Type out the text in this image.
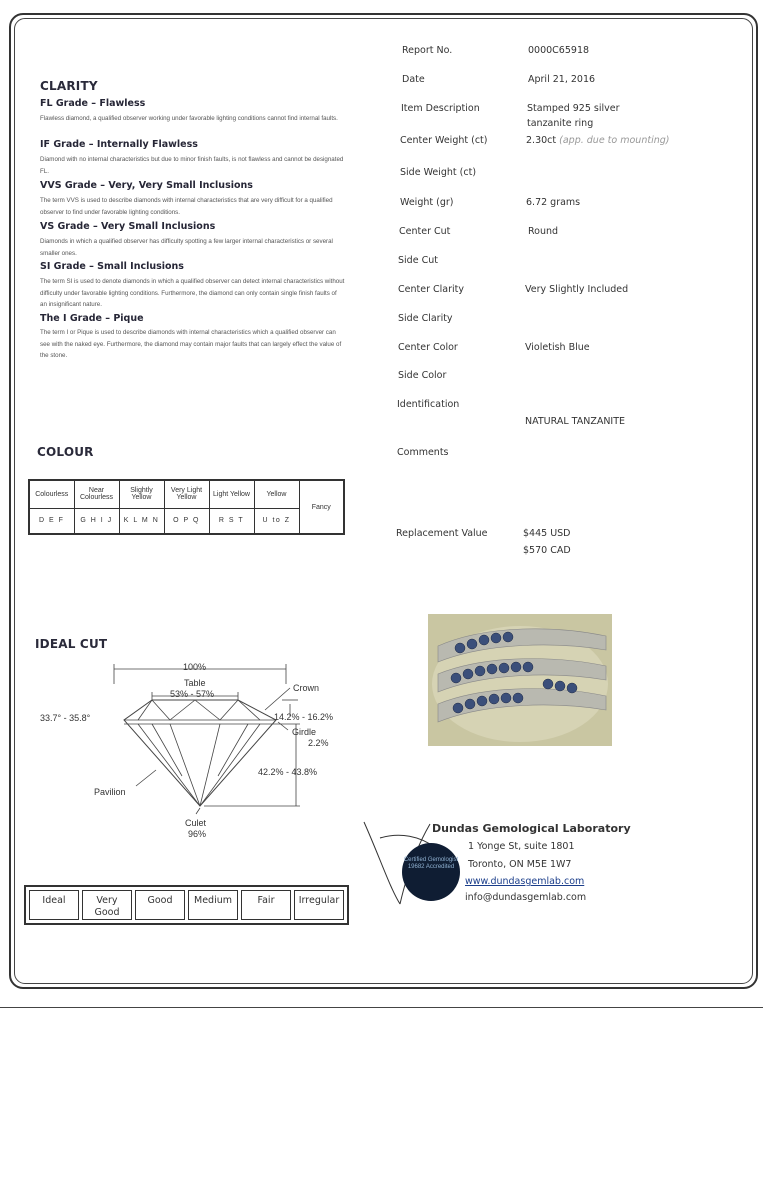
CLARITY
FL Grade – Flawless
Flawless diamond, a qualified observer working under favorable lighting conditions cannot find internal faults.
IF Grade – Internally Flawless
Diamond with no internal characteristics but due to minor finish faults, is not flawless and cannot be designated FL.
VVS Grade – Very, Very Small Inclusions
The term VVS is used to describe diamonds with internal characteristics that are very difficult for a qualified observer to find under favorable lighting conditions.
VS Grade – Very Small Inclusions
Diamonds in which a qualified observer has difficulty spotting a few larger internal characteristics or several smaller ones.
SI Grade – Small Inclusions
The term SI is used to denote diamonds in which a qualified observer can detect internal characteristics without difficulty under favorable lighting conditions. Furthermore, the diamond can only contain single finish faults of an insignificant nature.
The I Grade – Pique
The term I or Pique is used to describe diamonds with internal characteristics which a qualified observer can see with the naked eye. Furthermore, the diamond may contain major faults that can largely effect the value of the stone.
Report No.	0000C65918
Date	April 21, 2016
Item Description	Stamped 925 silver
tanzanite ring
Center Weight (ct)	2.30ct (app. due to mounting)
Side Weight (ct)
Weight (gr)	6.72 grams
Center Cut	Round
Side Cut
Center Clarity	Very Slightly Included
Side Clarity
Center Color	Violetish Blue
Side Color
Identification
NATURAL TANZANITE
Comments
Replacement Value	$445 USD
$570 CAD
COLOUR
Colourless	Near Colourless	Slightly Yellow	Very Light Yellow	Light Yellow	Yellow	Fancy
D E F	G H I J	K L M N	O P Q	R S T	U to Z	
IDEAL CUT
100%
Table
53% - 57%
Crown
33.7° - 35.8°	14.2% - 16.2%
Girdle
2.2%
42.2% - 43.8%
Pavilion
Culet
96%
Ideal	Very Good	Good	Medium	Fair	Irregular
Certified Gemologist 19682 Accredited
Dundas Gemological Laboratory
1 Yonge St, suite 1801
Toronto, ON M5E 1W7
www.dundasgemlab.com
info@dundasgemlab.com
